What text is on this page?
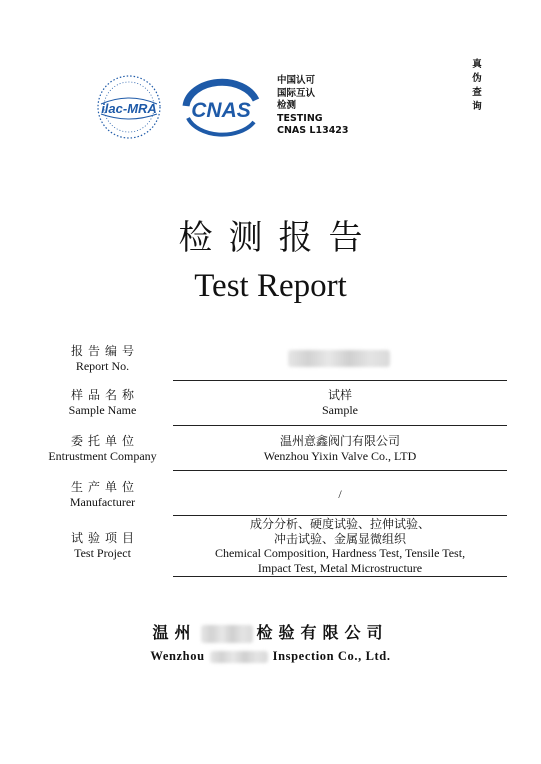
ilac-MRA CNAS
中国认可
国际互认
检测
TESTING
CNAS L13423
真
伪
查
询
检测报告
Test Report
报告编号
Report No.
样品名称
Sample Name
试样
Sample
委托单位
Entrustment Company
温州意鑫阀门有限公司
Wenzhou Yixin Valve Co., LTD
生产单位
Manufacturer
/
试验项目
Test Project
成分分析、硬度试验、拉伸试验、
冲击试验、金属显微组织
Chemical Composition, Hardness Test, Tensile Test,
Impact Test, Metal Microstructure
温州	检验有限公司
Wenzhou	Inspection Co., Ltd.
